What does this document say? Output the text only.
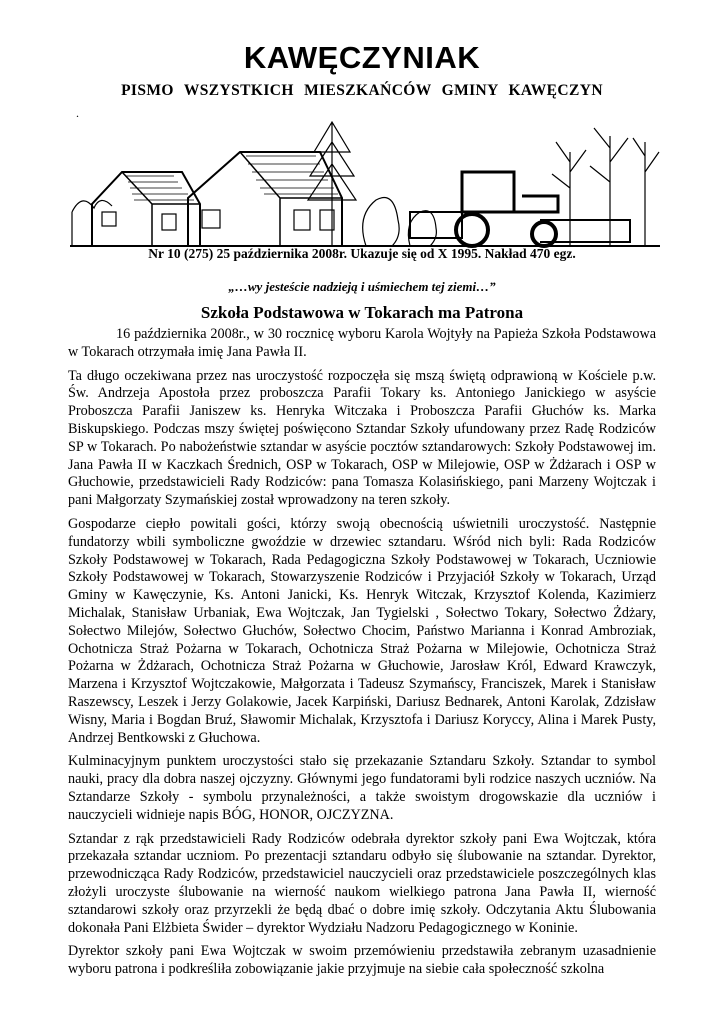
KAWĘCZYNIAK
PISMO WSZYSTKICH MIESZKAŃCÓW GMINY KAWĘCZYN
.
Nr 10 (275) 25 października 2008r. Ukazuje się od X 1995. Nakład 470 egz.
„…wy jesteście nadzieją i uśmiechem tej ziemi…”
Szkoła Podstawowa w Tokarach ma Patrona

16 października 2008r., w 30 rocznicę wyboru Karola Wojtyły na Papieża Szkoła Podstawowa w Tokarach otrzymała imię Jana Pawła II.

Ta długo oczekiwana przez nas uroczystość rozpoczęła się mszą świętą odprawioną w Kościele p.w. Św. Andrzeja Apostoła przez proboszcza Parafii Tokary ks. Antoniego Janickiego w asyście Proboszcza Parafii Janiszew ks. Henryka Witczaka i Proboszcza Parafii Głuchów ks. Marka Biskupskiego. Podczas mszy świętej poświęcono Sztandar Szkoły ufundowany przez Radę Rodziców SP w Tokarach. Po nabożeństwie sztandar w asyście pocztów sztandarowych: Szkoły Podstawowej im. Jana Pawła II w Kaczkach Średnich, OSP w Tokarach, OSP w Milejowie, OSP w Żdżarach i OSP w Głuchowie, przedstawicieli Rady Rodziców: pana Tomasza Kolasińskiego, pani Marzeny Wojtczak i pani Małgorzaty Szymańskiej został wprowadzony na teren szkoły.

Gospodarze ciepło powitali gości, którzy swoją obecnością uświetnili uroczystość. Następnie fundatorzy wbili symboliczne gwoździe w drzewiec sztandaru. Wśród nich byli: Rada Rodziców Szkoły Podstawowej w Tokarach, Rada Pedagogiczna Szkoły Podstawowej w Tokarach, Uczniowie Szkoły Podstawowej w Tokarach, Stowarzyszenie Rodziców i Przyjaciół Szkoły w Tokarach, Urząd Gminy w Kawęczynie, Ks. Antoni Janicki, Ks. Henryk Witczak, Krzysztof Kolenda, Kazimierz Michalak, Stanisław Urbaniak, Ewa Wojtczak, Jan Tygielski , Sołectwo Tokary, Sołectwo Żdżary, Sołectwo Milejów, Sołectwo Głuchów, Sołectwo Chocim, Państwo Marianna i Konrad Ambroziak, Ochotnicza Straż Pożarna w Tokarach, Ochotnicza Straż Pożarna w Milejowie, Ochotnicza Straż Pożarna w Żdżarach, Ochotnicza Straż Pożarna w Głuchowie, Jarosław Król, Edward Krawczyk, Marzena i Krzysztof Wojtczakowie, Małgorzata i Tadeusz Szymańscy, Franciszek, Marek i Stanisław Raszewscy, Leszek i Jerzy Golakowie, Jacek Karpiński, Dariusz Bednarek, Antoni Karolak, Zdzisław Wisny, Maria i Bogdan Bruź, Sławomir Michalak, Krzysztofa i Dariusz Koryccy, Alina i Marek Pusty, Andrzej Bentkowski z Głuchowa.

Kulminacyjnym punktem uroczystości stało się przekazanie Sztandaru Szkoły. Sztandar to symbol nauki, pracy dla dobra naszej ojczyzny. Głównymi jego fundatorami byli rodzice naszych uczniów. Na Sztandarze Szkoły - symbolu przynależności, a także swoistym drogowskazie dla uczniów i nauczycieli widnieje napis BÓG, HONOR, OJCZYZNA.

Sztandar z rąk przedstawicieli Rady Rodziców odebrała dyrektor szkoły pani Ewa Wojtczak, która przekazała sztandar uczniom. Po prezentacji sztandaru odbyło się ślubowanie na sztandar. Dyrektor, przewodnicząca Rady Rodziców, przedstawiciel nauczycieli oraz przedstawiciele poszczególnych klas złożyli uroczyste ślubowanie na wierność naukom wielkiego patrona Jana Pawła II, wierność sztandarowi szkoły oraz przyrzekli że będą dbać o dobre imię szkoły. Odczytania Aktu Ślubowania dokonała Pani Elżbieta Świder – dyrektor Wydziału Nadzoru Pedagogicznego w Koninie.

Dyrektor szkoły pani Ewa Wojtczak w swoim przemówieniu przedstawiła zebranym uzasadnienie wyboru patrona i podkreśliła zobowiązanie jakie przyjmuje na siebie cała społeczność szkolna
